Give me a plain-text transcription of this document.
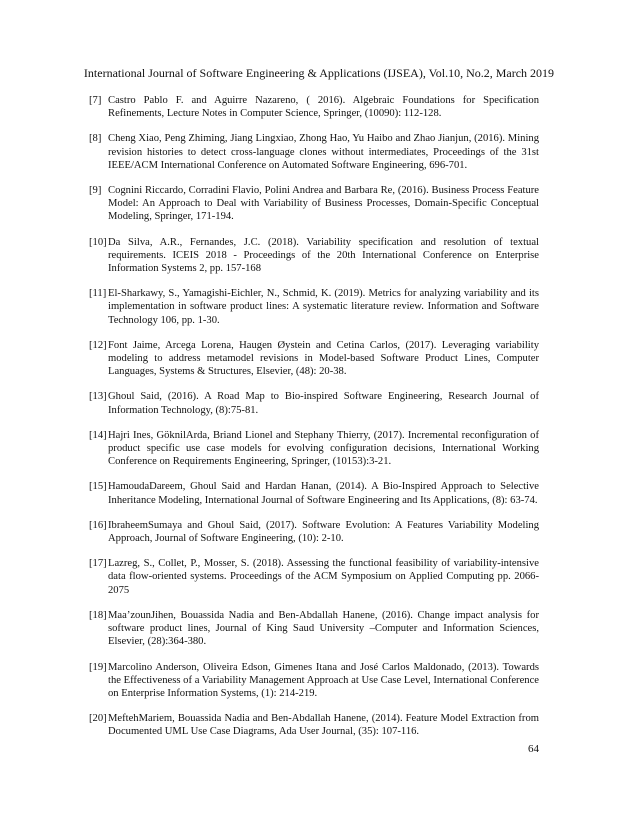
International Journal of Software Engineering & Applications (IJSEA), Vol.10, No.2, March 2019
[7] Castro Pablo F. and Aguirre Nazareno, ( 2016). Algebraic Foundations for Specification Refinements, Lecture Notes in Computer Science, Springer, (10090): 112-128.
[8] Cheng Xiao, Peng Zhiming, Jiang Lingxiao, Zhong Hao, Yu Haibo and Zhao Jianjun, (2016). Mining revision histories to detect cross-language clones without intermediates, Proceedings of the 31st IEEE/ACM International Conference on Automated Software Engineering, 696-701.
[9] Cognini Riccardo, Corradini Flavio, Polini Andrea and Barbara Re, (2016). Business Process Feature Model: An Approach to Deal with Variability of Business Processes, Domain-Specific Conceptual Modeling, Springer, 171-194.
[10] Da Silva, A.R., Fernandes, J.C. (2018). Variability specification and resolution of textual requirements. ICEIS 2018 - Proceedings of the 20th International Conference on Enterprise Information Systems 2, pp. 157-168
[11] El-Sharkawy, S., Yamagishi-Eichler, N., Schmid, K. (2019). Metrics for analyzing variability and its implementation in software product lines: A systematic literature review. Information and Software Technology 106, pp. 1-30.
[12] Font Jaime, Arcega Lorena, Haugen Øystein and Cetina Carlos, (2017). Leveraging variability modeling to address metamodel revisions in Model-based Software Product Lines, Computer Languages, Systems & Structures, Elsevier, (48): 20-38.
[13] Ghoul Said, (2016). A Road Map to Bio-inspired Software Engineering, Research Journal of Information Technology, (8):75-81.
[14] Hajri Ines, GöknilArda, Briand Lionel and Stephany Thierry, (2017). Incremental reconfiguration of product specific use case models for evolving configuration decisions, International Working Conference on Requirements Engineering, Springer, (10153):3-21.
[15] HamoudaDareem, Ghoul Said and Hardan Hanan, (2014). A Bio-Inspired Approach to Selective Inheritance Modeling, International Journal of Software Engineering and Its Applications, (8): 63-74.
[16] IbraheemSumaya and Ghoul Said, (2017). Software Evolution: A Features Variability Modeling Approach, Journal of Software Engineering, (10): 2-10.
[17] Lazreg, S., Collet, P., Mosser, S. (2018). Assessing the functional feasibility of variability-intensive data flow-oriented systems. Proceedings of the ACM Symposium on Applied Computing pp. 2066-2075
[18] Maa’zounJihen, Bouassida Nadia and Ben-Abdallah Hanene, (2016). Change impact analysis for software product lines, Journal of King Saud University –Computer and Information Sciences, Elsevier, (28):364-380.
[19] Marcolino Anderson, Oliveira Edson, Gimenes Itana and José Carlos Maldonado, (2013). Towards the Effectiveness of a Variability Management Approach at Use Case Level, International Conference on Enterprise Information Systems, (1): 214-219.
[20] MeftehMariem, Bouassida Nadia and Ben-Abdallah Hanene, (2014). Feature Model Extraction from Documented UML Use Case Diagrams, Ada User Journal, (35): 107-116.
64
